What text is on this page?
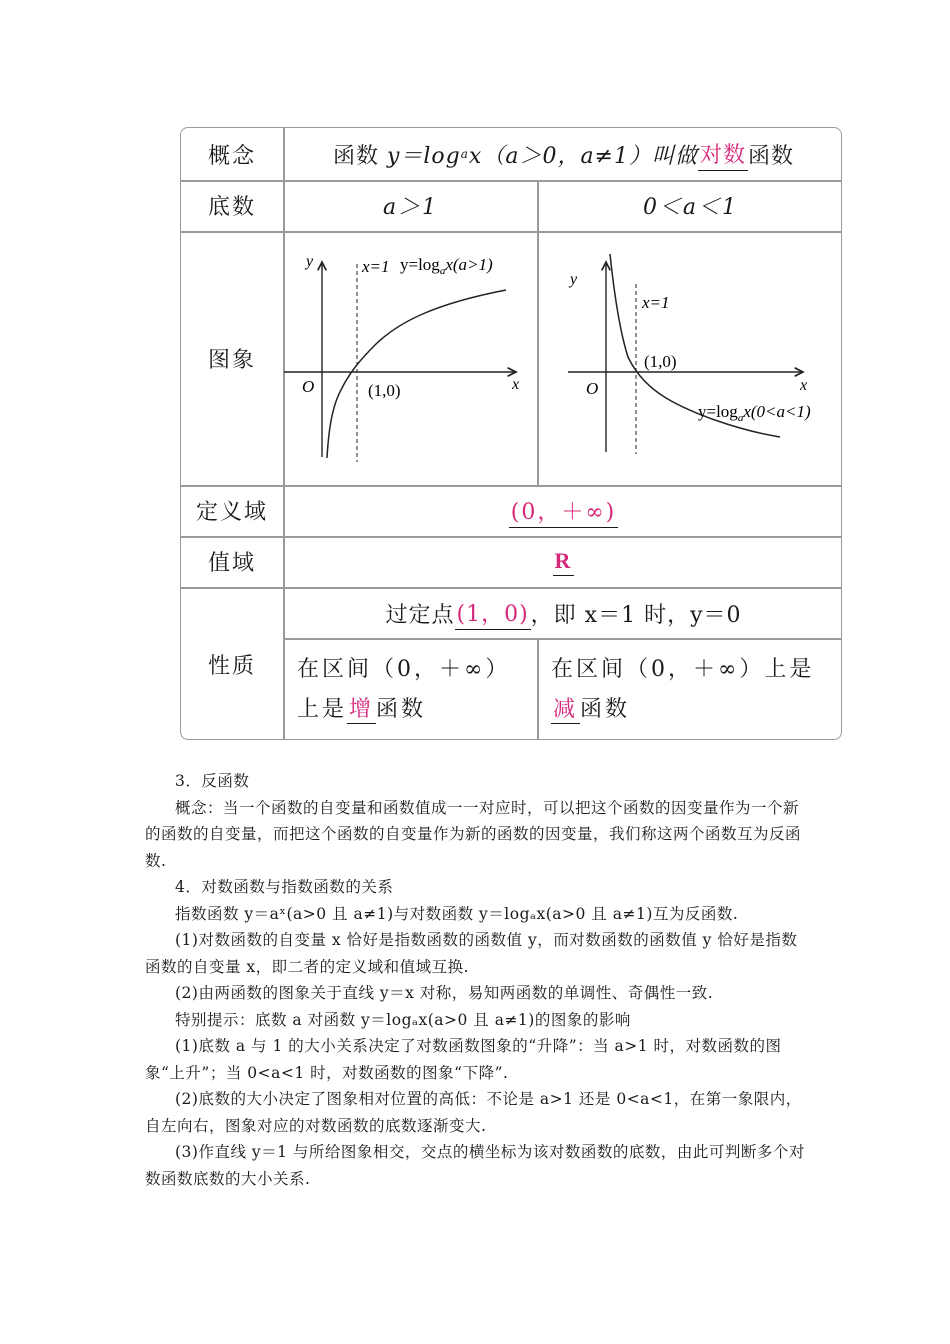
概念
底数
图象
定义域
值域
性质
函数
y＝log a x（a＞0，a≠1）叫做 对数 函数
a＞1	0＜a＜1
y
x
O
x=1
(1,0)
$y=\log_ax(a>1)$
y
x
O
x=1
(1,0)
$y=\log_ax(0<a<1)$
(0，＋∞)
R
过定点 (1，0) ，即 x＝1 时，y＝0
在区间（0，＋∞）上是增函数
在区间（0，＋∞）上是减函数

3．反函数

概念：当一个函数的自变量和函数值成一一对应时，可以把这个函数的因变量作为一个新的函数的自变量，而把这个函数的自变量作为新的函数的因变量，我们称这两个函数互为反函数.

4．对数函数与指数函数的关系

指数函数 y＝aˣ(a>0 且 a≠1)与对数函数 y＝logₐx(a>0 且 a≠1)互为反函数.

(1)对数函数的自变量 x 恰好是指数函数的函数值 y，而对数函数的函数值 y 恰好是指数函数的自变量 x，即二者的定义域和值域互换.

(2)由两函数的图象关于直线 y＝x 对称，易知两函数的单调性、奇偶性一致.

特别提示：底数 a 对函数 y＝logₐx(a>0 且 a≠1)的图象的影响

(1)底数 a 与 1 的大小关系决定了对数函数图象的“升降”：当 a>1 时，对数函数的图象“上升”；当 0<a<1 时，对数函数的图象“下降”.

(2)底数的大小决定了图象相对位置的高低：不论是 a>1 还是 0<a<1，在第一象限内，自左向右，图象对应的对数函数的底数逐渐变大.

(3)作直线 y＝1 与所给图象相交，交点的横坐标为该对数函数的底数，由此可判断多个对数函数底数的大小关系.
